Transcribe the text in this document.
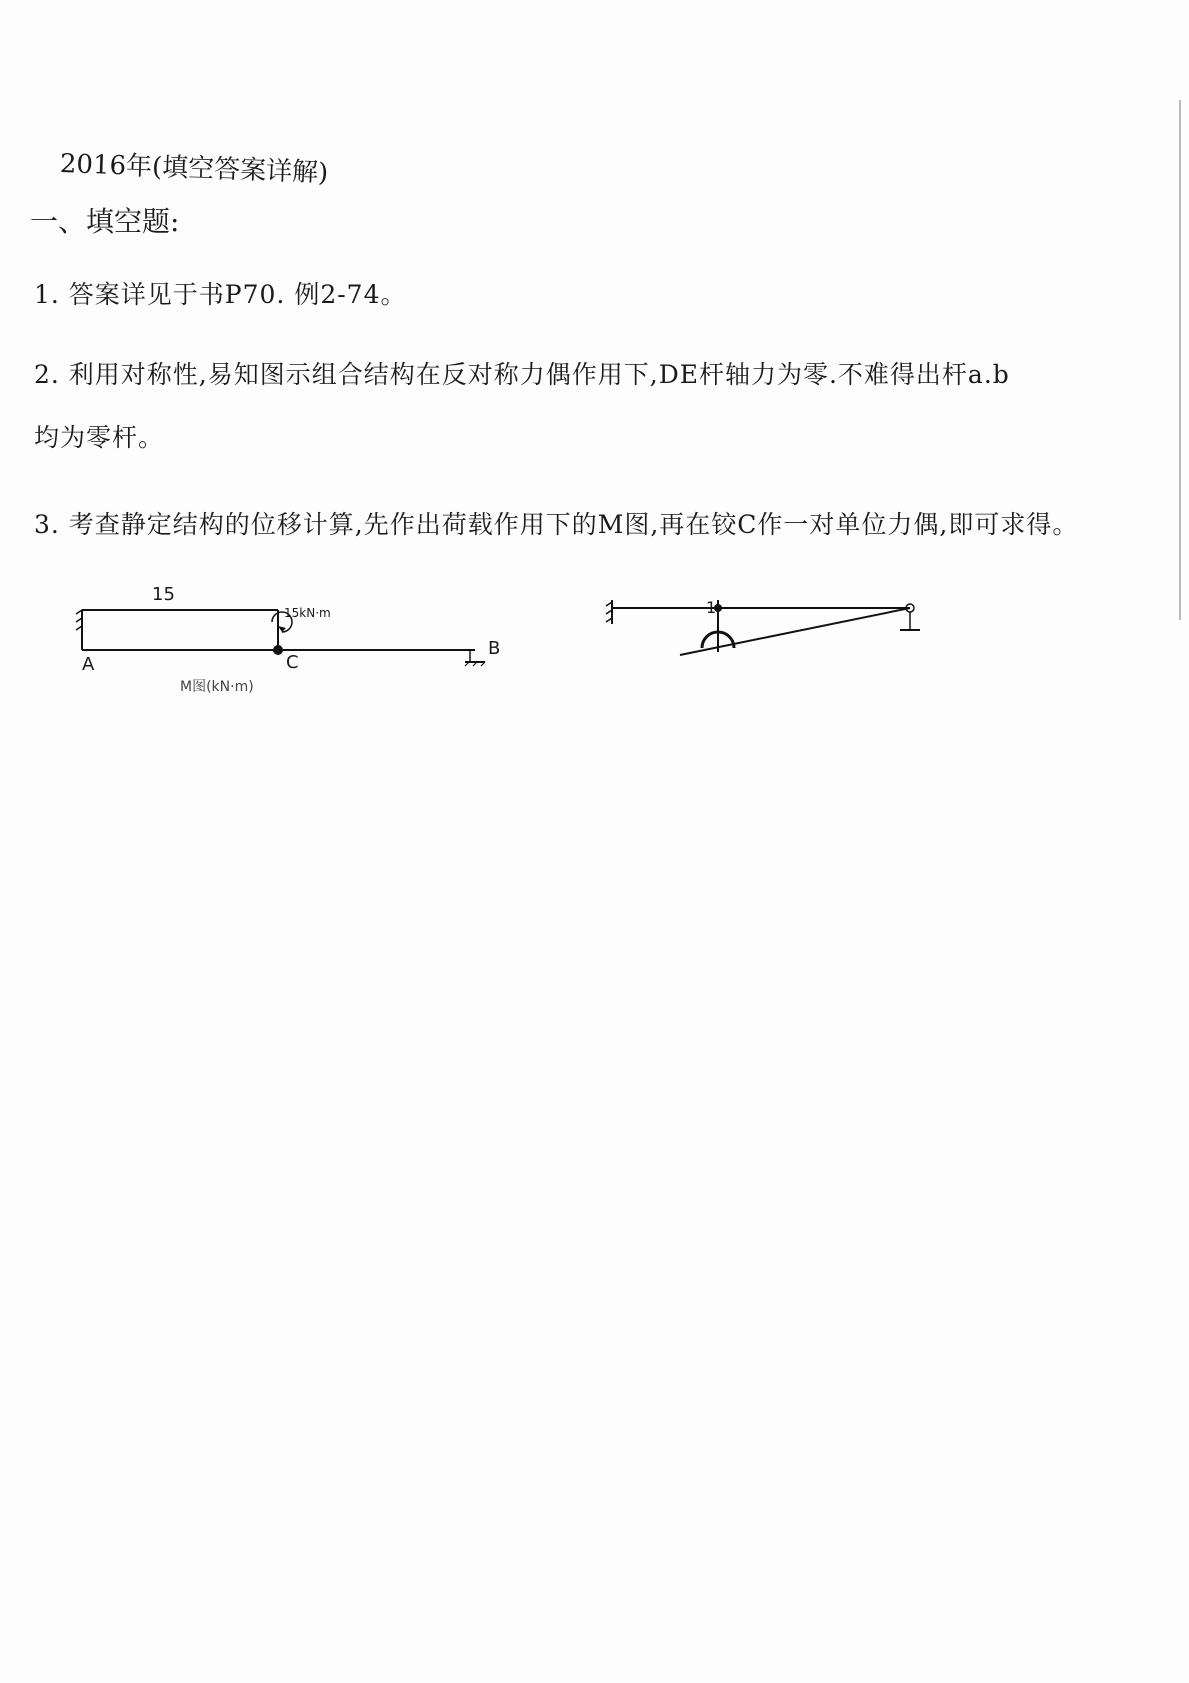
2016年(填空答案详解)
一、填空题:
1. 答案详见于书P70. 例2-74。
2. 利用对称性,易知图示组合结构在反对称力偶作用下,DE杆轴力为零.不难得出杆a.b
均为零杆。
3. 考查静定结构的位移计算,先作出荷载作用下的M图,再在铰C作一对单位力偶,即可求得。
15
15kN·m
A	C
B
M图(kN·m)
1
